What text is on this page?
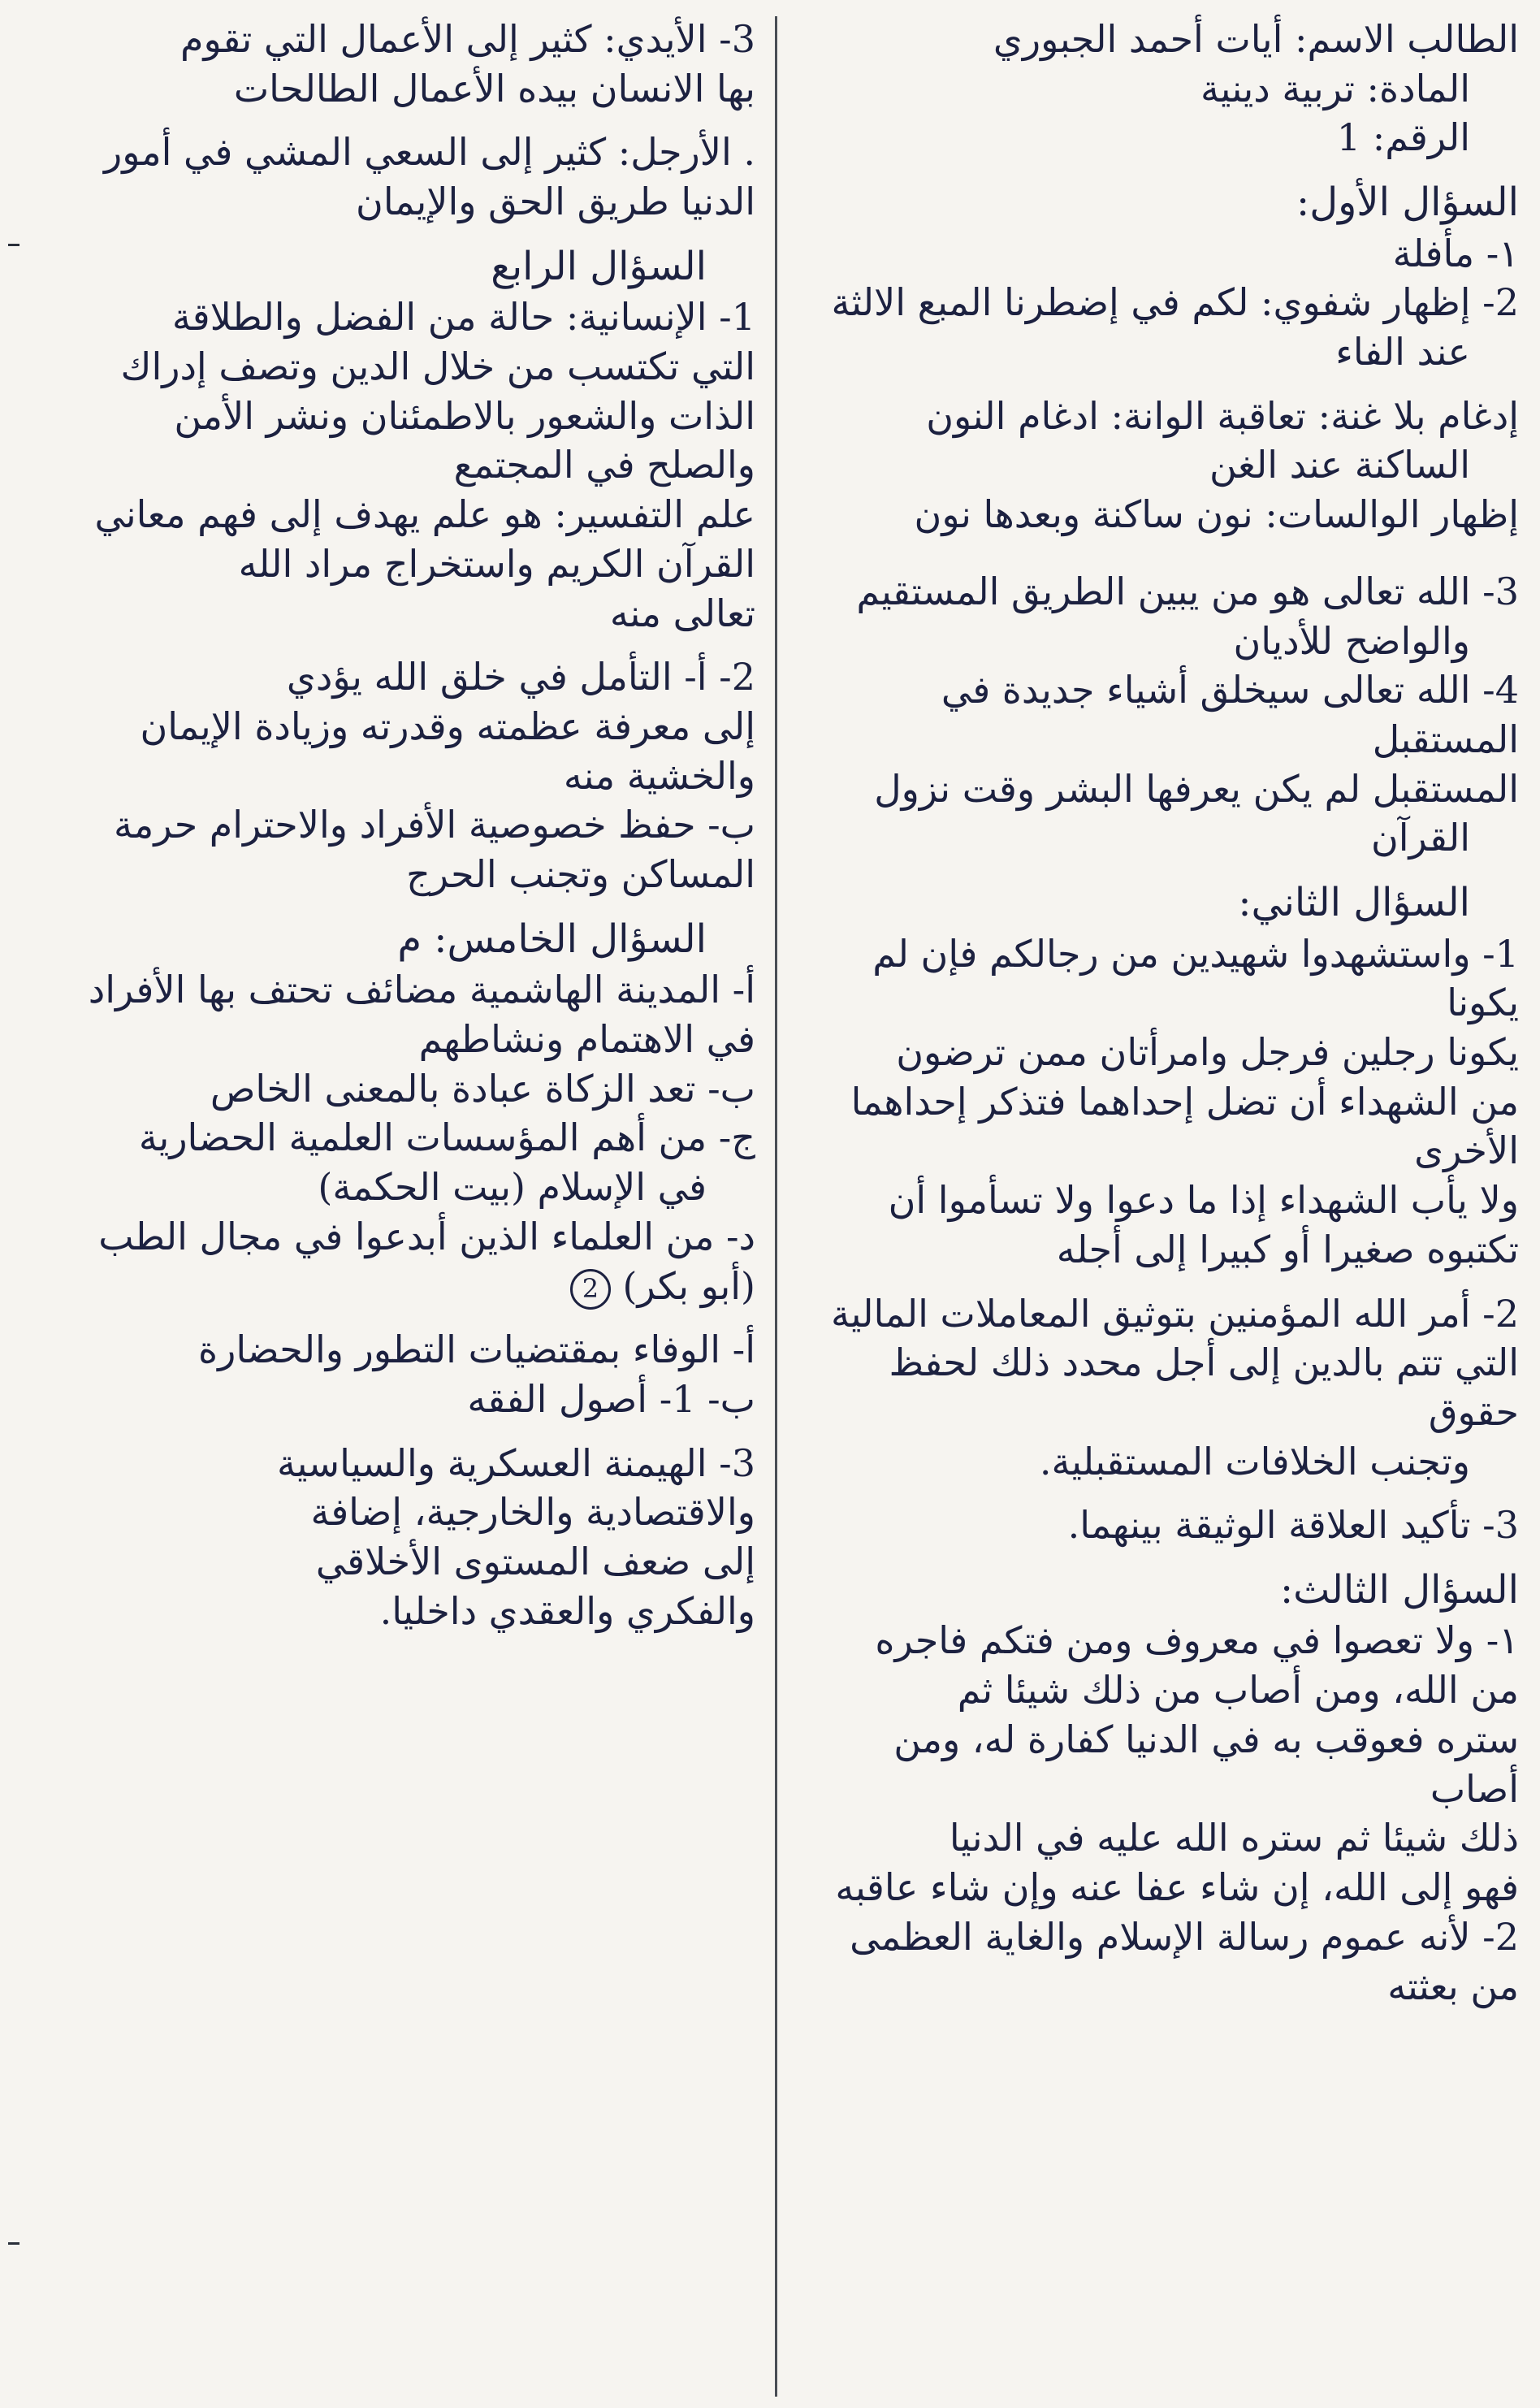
الطالب الاسم: أيات أحمد الجبوري

المادة: تربية دينية

الرقم: 1

السؤال الأول:

١- مأفلة

2- إظهار شفوي: لكم في إضطرنا المبع الالثة

عند الفاء

إدغام بلا غنة: تعاقبة الوانة: ادغام النون

الساكنة عند الغن

إظهار الوالسات: نون ساكنة وبعدها نون

3- الله تعالى هو من يبين الطريق المستقيم

والواضح للأديان

4- الله تعالى سيخلق أشياء جديدة في المستقبل

المستقبل لم يكن يعرفها البشر وقت نزول

القرآن

السؤال الثاني:

1- واستشهدوا شهيدين من رجالكم فإن لم يكونا

يكونا رجلين فرجل وامرأتان ممن ترضون

من الشهداء أن تضل إحداهما فتذكر إحداهما الأخرى

ولا يأب الشهداء إذا ما دعوا ولا تسأموا أن

تكتبوه صغيرا أو كبيرا إلى أجله

2- أمر الله المؤمنين بتوثيق المعاملات المالية

التي تتم بالدين إلى أجل محدد ذلك لحفظ حقوق

وتجنب الخلافات المستقبلية.

3- تأكيد العلاقة الوثيقة بينهما.

السؤال الثالث:

١- ولا تعصوا في معروف ومن فتكم فاجره

من الله، ومن أصاب من ذلك شيئا ثم

ستره فعوقب به في الدنيا كفارة له، ومن أصاب

ذلك شيئا ثم ستره الله عليه في الدنيا

فهو إلى الله، إن شاء عفا عنه وإن شاء عاقبه

2- لأنه عموم رسالة الإسلام والغاية العظمى

من بعثته

3- الأيدي: كثير إلى الأعمال التي تقوم

بها الانسان بيده الأعمال الطالحات

. الأرجل: كثير إلى السعي المشي في أمور

الدنيا طريق الحق والإيمان

السؤال الرابع

1- الإنسانية: حالة من الفضل والطلاقة

التي تكتسب من خلال الدين وتصف إدراك

الذات والشعور بالاطمئنان ونشر الأمن

والصلح في المجتمع

علم التفسير: هو علم يهدف إلى فهم معاني

القرآن الكريم واستخراج مراد الله

تعالى منه

2- أ- التأمل في خلق الله يؤدي

إلى معرفة عظمته وقدرته وزيادة الإيمان

والخشية منه

ب- حفظ خصوصية الأفراد والاحترام حرمة

المساكن وتجنب الحرج

السؤال الخامس: م

أ- المدينة الهاشمية مضائف تحتف بها الأفراد

في الاهتمام ونشاطهم

ب- تعد الزكاة عبادة بالمعنى الخاص

ج- من أهم المؤسسات العلمية الحضارية

في الإسلام (بيت الحكمة)

د- من العلماء الذين أبدعوا في مجال الطب

(أبو بكر) 2

أ- الوفاء بمقتضيات التطور والحضارة

ب- 1- أصول الفقه

3- الهيمنة العسكرية والسياسية

والاقتصادية والخارجية، إضافة

إلى ضعف المستوى الأخلاقي

والفكري والعقدي داخليا.
